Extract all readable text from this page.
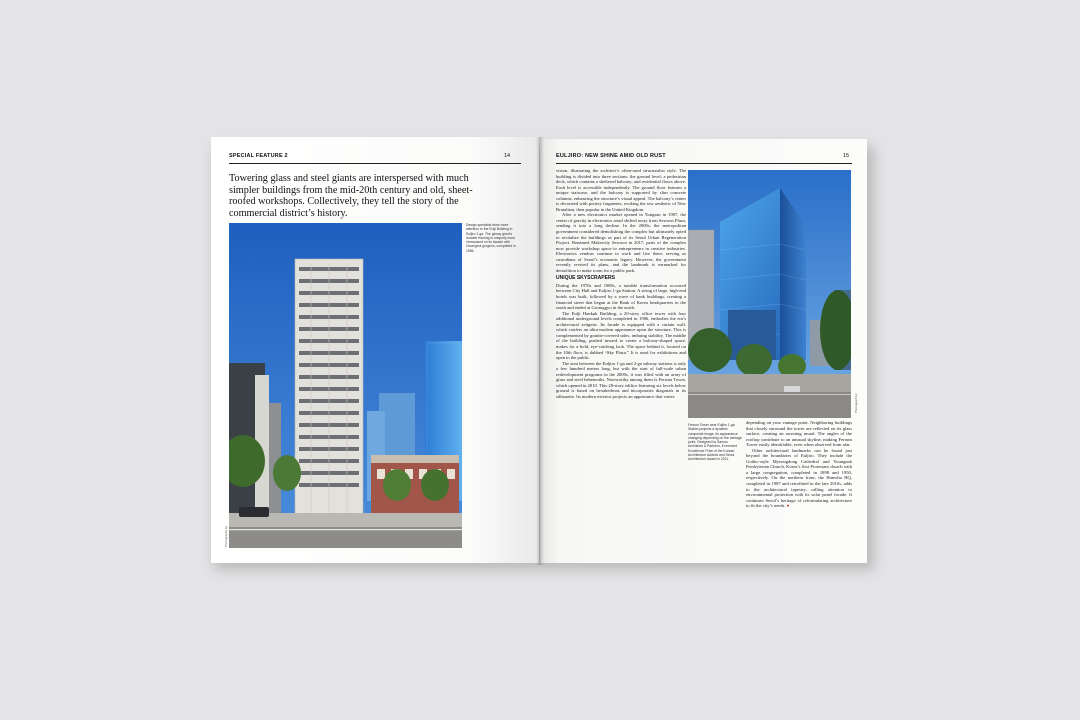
SPECIAL FEATURE 2	14
Towering glass and steel giants are interspersed with much simpler buildings from the mid-20th century and old, sheet-roofed workshops. Collectively, they tell the story of the commercial district’s history.
Photographs by
Design specialist drew more attention to the Eulji Building in Euljiro 2-ga. The glossy giant’s durable framing is uniquely more showcased on its facade with Gwanghui grogeon, completed in 1986.
EULJIRO: NEW SHINE AMID OLD RUST	15

vision, illustrating the architect’s often-used structuralist style. The building is divided into three sections: the ground level; a pedestrian deck, which contains a sheltered balcony; and residential floors above. Each level is accessible independently. The ground floor features a unique staircase, and the balcony is supported by slim concrete columns, enhancing the structure’s visual appeal. The balcony’s center is decorated with pottery fragments, evoking the raw aesthetic of New Brutalism, then popular in the United Kingdom.

After a new electronics market opened in Yongsan in 1987, the center of gravity in electronics retail shifted away from Sewoon Plaza, sending it into a long decline. In the 2000s, the metropolitan government considered demolishing the complex but ultimately opted to revitalize the buildings as part of its Seoul Urban Regeneration Project. Renamed Makercity Sewoon in 2017, parts of the complex now provide workshop space to entrepreneurs in creative industries. Electronics vendors continue to work and live there, serving as custodians of Seoul’s economic legacy. However, the government recently revived its plans, and the landmark is earmarked for demolition to make room for a public park.

UNIQUE SKYSCRAPERS

During the 1970s and 1980s, a notable transformation occurred between City Hall and Euljiro 1-ga Station. A string of large, high-end hotels was built, followed by a wave of bank buildings, creating a financial street that began at the Bank of Korea headquarters in the south and ended at Gwanggyo in the north.

The Eulji Hankuk Building, a 20-story office tower with four additional underground levels completed in 1986, embodies the era’s architectural zeitgeist. Its facade is equipped with a curtain wall, which confers an ultra-modern appearance upon the structure. This is complemented by granite-covered sides, imbuing stability. The middle of the building, pushed inward to create a balcony-shaped space, makes for a bold, eye-catching look. The space behind it, located on the 10th floor, is dubbed “Sky Plaza.” It is used for exhibitions and open to the public.

The area between the Euljiro 1-ga and 2-ga subway stations is only a few hundred meters long, but with the start of full-scale urban redevelopment programs in the 2000s, it was filled with an array of glass and steel behemoths. Noteworthy among them is Ferrum Tower, which opened in 2010. This 28-story edifice featuring six levels below ground is based on hexahedrons and incorporates diagonals in its silhouette. Its modern exterior projects an appearance that varies	Photograph by
Ferrum Tower near Euljiro 1-ga Station projects a dynamic composite image, its appearance changing depending on the vantage point. Designed by Samoo Architects & Partners, it received Excellence Prize of the Korean Architecture Awards and Seoul Architecture Award in 2011.

depending on your vantage point. Neighboring buildings that closely surround the tower are reflected on its glass surface, creating an arresting mural. The angles of the rooftop contribute to an unusual skyline, making Ferrum Tower easily identifiable, even when observed from afar.

Other architectural landmarks can be found just beyond the boundaries of Euljiro. They include the Gothic-style Myeongdong Cathedral and Youngnak Presbyterian Church, Korea’s first Protestant church with a large congregation, completed in 1898 and 1950, respectively. On the northern front, the Hanwha HQ, completed in 1987 and retrofitted in the late 2010s, adds to the architectural tapestry, calling attention to environmental protection with its solar panel facade. It continues Seoul’s heritage of reformulating architecture to fit the city’s needs. ●
